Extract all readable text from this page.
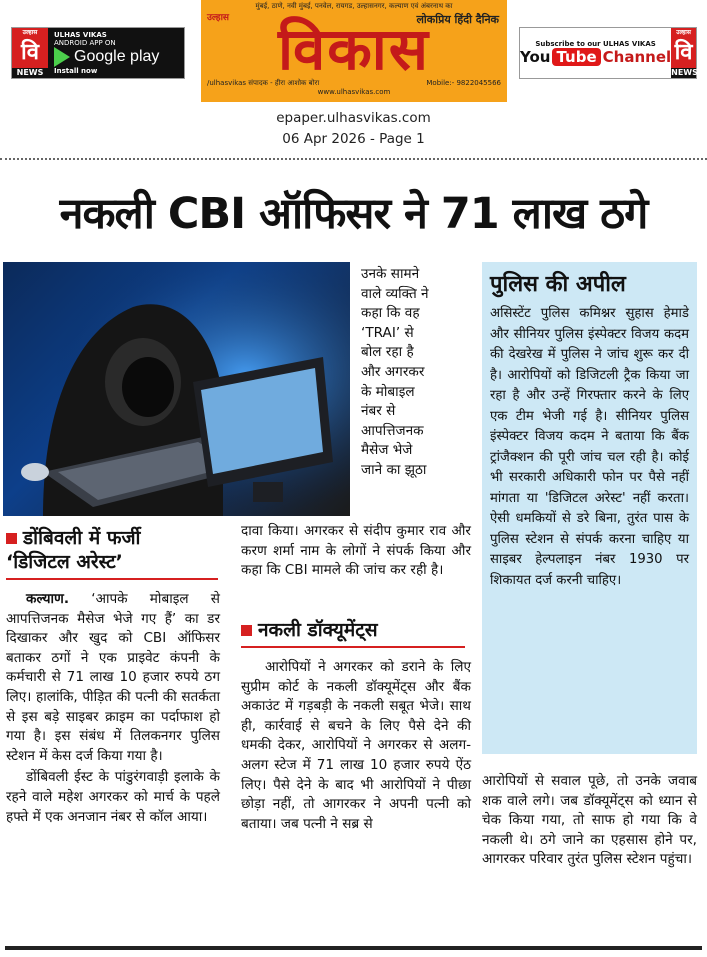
उल्हास
वि
NEWS
ULHAS VIKAS
ANDROID APP ON
Google play
Install now
मुंबई, ठाणे, नवी मुंबई, पनवेल, रायगड, उल्हासनगर, कल्याण एवं अंबरनाथ का
उल्हास	लोकप्रिय हिंदी दैनिक
विकास
/ulhasvikas संपादक - हीरा आशोक बोरा	Mobile:- 9822045566
www.ulhasvikas.com
Subscribe to our ULHAS VIKAS
You Tube Channel
उल्हास
वि
NEWS
epaper.ulhasvikas.com
06 Apr 2026 - Page 1
नकली CBI ऑफिसर ने 71 लाख ठगे
उनके सामने
वाले व्यक्ति ने
कहा कि वह
‘TRAI’ से
बोल रहा है
और अगरकर
के मोबाइल
नंबर से
आपत्तिजनक
मैसेज भेजे
जाने का झूठा
डोंबिवली में फर्जी
‘डिजिटल अरेस्ट’

कल्याण. ‘आपके मोबाइल से आपत्तिजनक मैसेज भेजे गए हैं’ का डर दिखाकर और खुद को CBI ऑफिसर बताकर ठगों ने एक प्राइवेट कंपनी के कर्मचारी से 71 लाख 10 हजार रुपये ठग लिए। हालांकि, पीड़ित की पत्नी की सतर्कता से इस बड़े साइबर क्राइम का पर्दाफाश हो गया है। इस संबंध में तिलकनगर पुलिस स्टेशन में केस दर्ज किया गया है।

डोंबिवली ईस्ट के पांडुरंगवाड़ी इलाके के रहने वाले महेश अगरकर को मार्च के पहले हफ्ते में एक अनजान नंबर से कॉल आया।

दावा किया। अगरकर से संदीप कुमार राव और करण शर्मा नाम के लोगों ने संपर्क किया और कहा कि CBI मामले की जांच कर रही है।
नकली डॉक्यूमेंट्स
आरोपियों ने अगरकर को डराने के लिए सुप्रीम कोर्ट के नकली डॉक्यूमेंट्स और बैंक अकाउंट में गड़बड़ी के नकली सबूत भेजे। साथ ही, कार्रवाई से बचने के लिए पैसे देने की धमकी देकर, आरोपियों ने अगरकर से अलग-अलग स्टेज में 71 लाख 10 हजार रुपये ऐंठ लिए। पैसे देने के बाद भी आरोपियों ने पीछा छोड़ा नहीं, तो आगरकर ने अपनी पत्नी को बताया। जब पत्नी ने सब्र से
पुलिस की अपील
असिस्टेंट पुलिस कमिश्नर सुहास हेमाडे और सीनियर पुलिस इंस्पेक्टर विजय कदम की देखरेख में पुलिस ने जांच शुरू कर दी है। आरोपियों को डिजिटली ट्रैक किया जा रहा है और उन्हें गिरफ्तार करने के लिए एक टीम भेजी गई है। सीनियर पुलिस इंस्पेक्टर विजय कदम ने बताया कि बैंक ट्रांजैक्शन की पूरी जांच चल रही है। कोई भी सरकारी अधिकारी फोन पर पैसे नहीं मांगता या 'डिजिटल अरेस्ट' नहीं करता। ऐसी धमकियों से डरे बिना, तुरंत पास के पुलिस स्टेशन से संपर्क करना चाहिए या साइबर हेल्पलाइन नंबर 1930 पर शिकायत दर्ज करनी चाहिए।
आरोपियों से सवाल पूछे, तो उनके जवाब शक वाले लगे। जब डॉक्यूमेंट्स को ध्यान से चेक किया गया, तो साफ हो गया कि वे नकली थे। ठगे जाने का एहसास होने पर, आगरकर परिवार तुरंत पुलिस स्टेशन पहुंचा।
